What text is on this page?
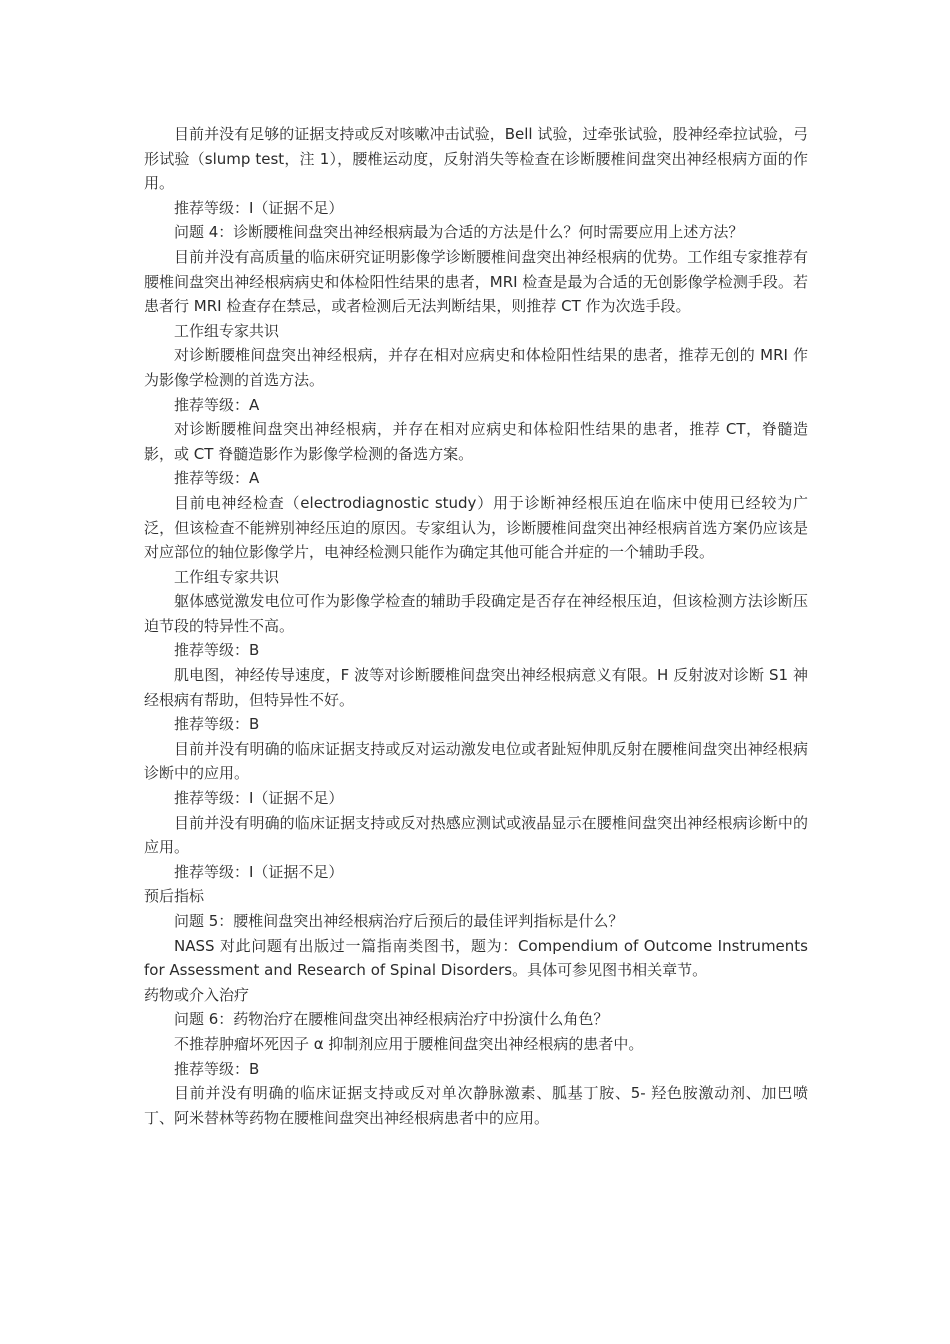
目前并没有足够的证据支持或反对咳嗽冲击试验，Bell 试验，过牵张试验，股神经牵拉试验，弓形试验（slump test，注 1），腰椎运动度，反射消失等检查在诊断腰椎间盘突出神经根病方面的作用。

推荐等级：I（证据不足）

问题 4：诊断腰椎间盘突出神经根病最为合适的方法是什么？何时需要应用上述方法？

目前并没有高质量的临床研究证明影像学诊断腰椎间盘突出神经根病的优势。工作组专家推荐有腰椎间盘突出神经根病病史和体检阳性结果的患者，MRI 检查是最为合适的无创影像学检测手段。若患者行 MRI 检查存在禁忌，或者检测后无法判断结果，则推荐 CT 作为次选手段。

工作组专家共识

对诊断腰椎间盘突出神经根病，并存在相对应病史和体检阳性结果的患者，推荐无创的 MRI 作为影像学检测的首选方法。

推荐等级：A

对诊断腰椎间盘突出神经根病，并存在相对应病史和体检阳性结果的患者，推荐 CT，脊髓造影，或 CT 脊髓造影作为影像学检测的备选方案。

推荐等级：A

目前电神经检查（electrodiagnostic study）用于诊断神经根压迫在临床中使用已经较为广泛，但该检查不能辨别神经压迫的原因。专家组认为，诊断腰椎间盘突出神经根病首选方案仍应该是对应部位的轴位影像学片，电神经检测只能作为确定其他可能合并症的一个辅助手段。

工作组专家共识

躯体感觉激发电位可作为影像学检查的辅助手段确定是否存在神经根压迫，但该检测方法诊断压迫节段的特异性不高。

推荐等级：B

肌电图，神经传导速度，F 波等对诊断腰椎间盘突出神经根病意义有限。H 反射波对诊断 S1 神经根病有帮助，但特异性不好。

推荐等级：B

目前并没有明确的临床证据支持或反对运动激发电位或者趾短伸肌反射在腰椎间盘突出神经根病诊断中的应用。

推荐等级：I（证据不足）

目前并没有明确的临床证据支持或反对热感应测试或液晶显示在腰椎间盘突出神经根病诊断中的应用。

推荐等级：I（证据不足）

预后指标

问题 5：腰椎间盘突出神经根病治疗后预后的最佳评判指标是什么？

NASS 对此问题有出版过一篇指南类图书，题为：Compendium of Outcome Instruments for Assessment and Research of Spinal Disorders。具体可参见图书相关章节。

药物或介入治疗

问题 6：药物治疗在腰椎间盘突出神经根病治疗中扮演什么角色？

不推荐肿瘤坏死因子 α 抑制剂应用于腰椎间盘突出神经根病的患者中。

推荐等级：B

目前并没有明确的临床证据支持或反对单次静脉激素、胍基丁胺、5- 羟色胺激动剂、加巴喷丁、阿米替林等药物在腰椎间盘突出神经根病患者中的应用。
